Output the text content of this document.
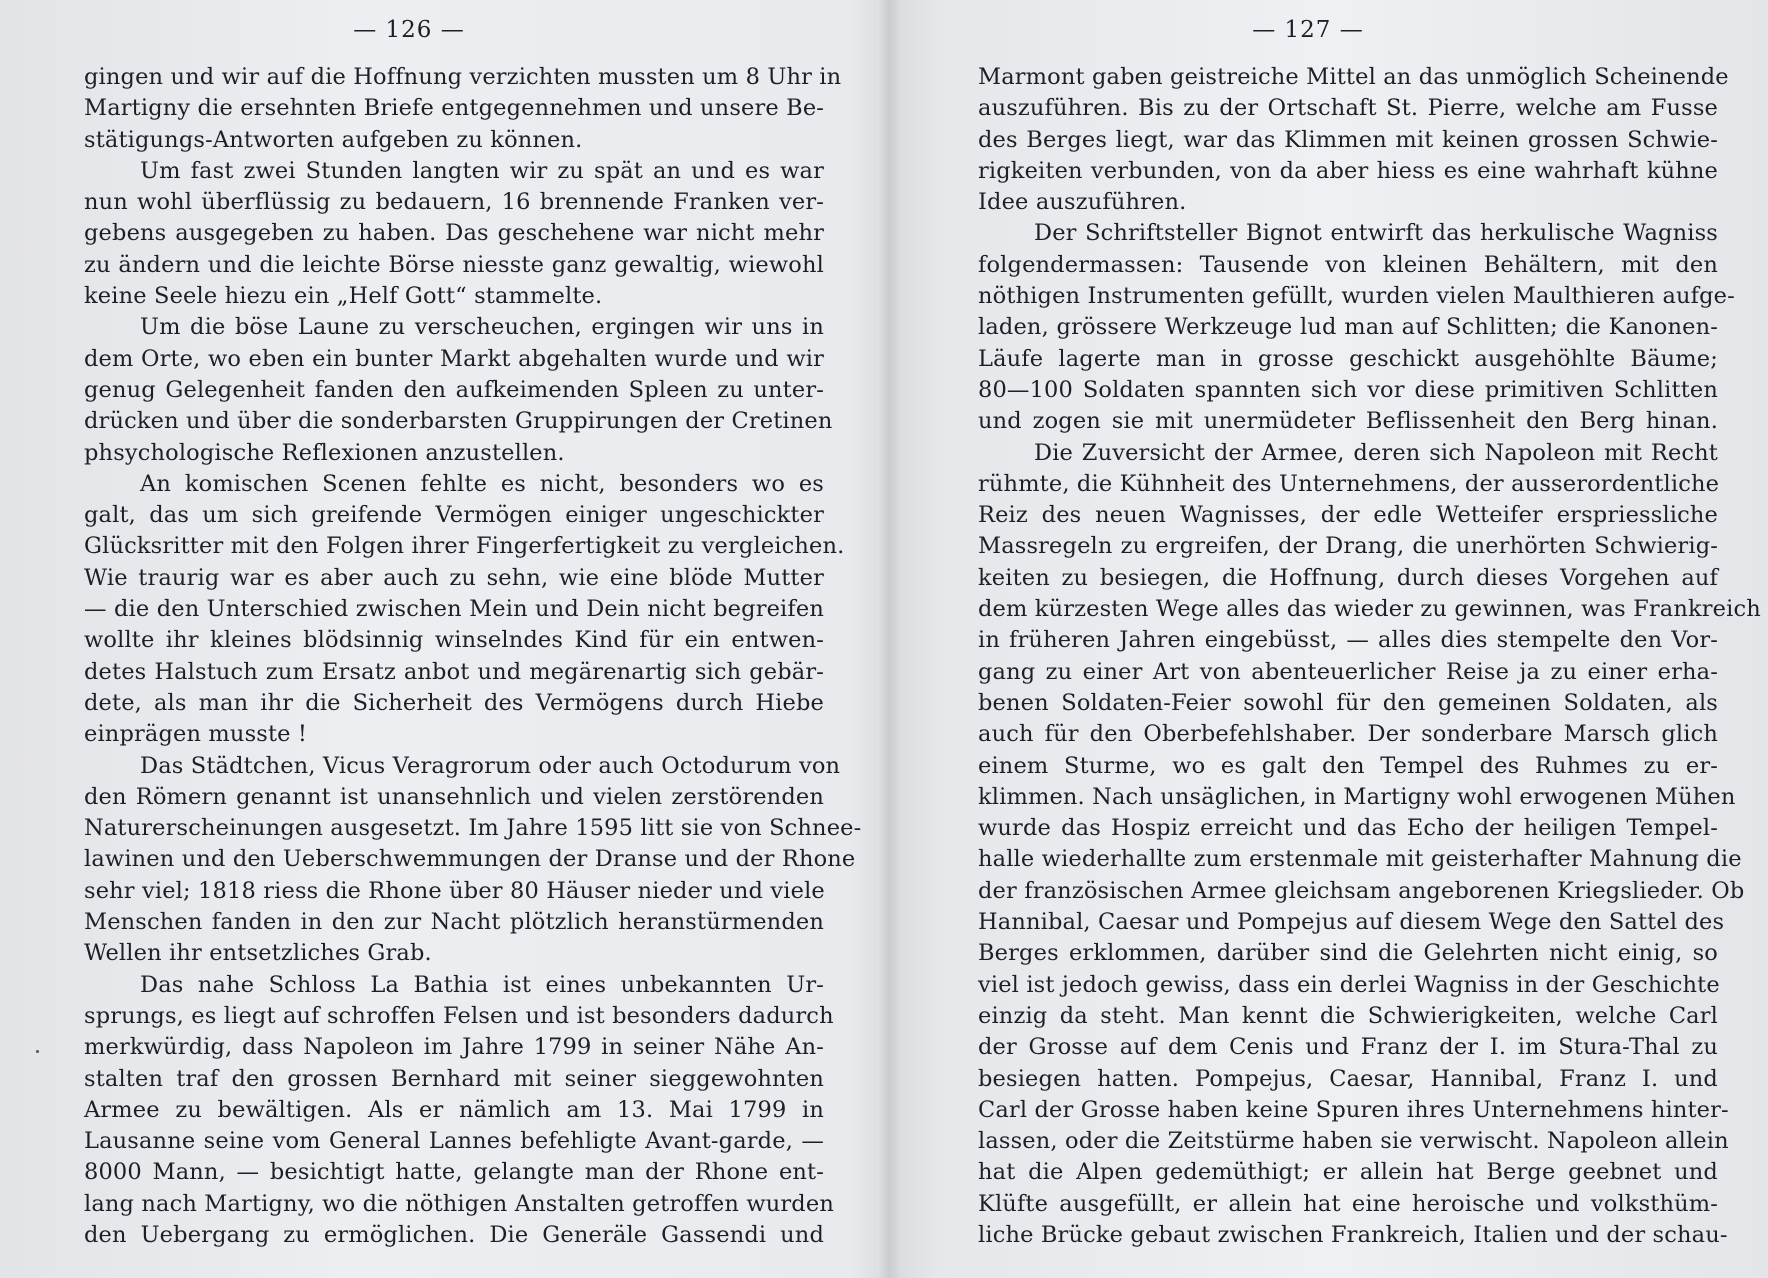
— 126 —
gingen und wir auf die Hoffnung verzichten mussten um 8 Uhr in
Martigny die ersehnten Briefe entgegennehmen und unsere Be-
stätigungs-Antworten aufgeben zu können.
Um fast zwei Stunden langten wir zu spät an und es war
nun wohl überflüssig zu bedauern, 16 brennende Franken ver-
gebens ausgegeben zu haben. Das geschehene war nicht mehr
zu ändern und die leichte Börse niesste ganz gewaltig, wiewohl
keine Seele hiezu ein „Helf Gott“ stammelte.
Um die böse Laune zu verscheuchen, ergingen wir uns in
dem Orte, wo eben ein bunter Markt abgehalten wurde und wir
genug Gelegenheit fanden den aufkeimenden Spleen zu unter-
drücken und über die sonderbarsten Gruppirungen der Cretinen
phsychologische Reflexionen anzustellen.
An komischen Scenen fehlte es nicht, besonders wo es
galt, das um sich greifende Vermögen einiger ungeschickter
Glücksritter mit den Folgen ihrer Fingerfertigkeit zu vergleichen.
Wie traurig war es aber auch zu sehn, wie eine blöde Mutter
— die den Unterschied zwischen Mein und Dein nicht begreifen
wollte ihr kleines blödsinnig winselndes Kind für ein entwen-
detes Halstuch zum Ersatz anbot und megärenartig sich gebär-
dete, als man ihr die Sicherheit des Vermögens durch Hiebe
einprägen musste !
Das Städtchen, Vicus Veragrorum oder auch Octodurum von
den Römern genannt ist unansehnlich und vielen zerstörenden
Naturerscheinungen ausgesetzt. Im Jahre 1595 litt sie von Schnee-
lawinen und den Ueberschwemmungen der Dranse und der Rhone
sehr viel; 1818 riess die Rhone über 80 Häuser nieder und viele
Menschen fanden in den zur Nacht plötzlich heranstürmenden
Wellen ihr entsetzliches Grab.
Das nahe Schloss La Bathia ist eines unbekannten Ur-
sprungs, es liegt auf schroffen Felsen und ist besonders dadurch
merkwürdig, dass Napoleon im Jahre 1799 in seiner Nähe An-
stalten traf den grossen Bernhard mit seiner sieggewohnten
Armee zu bewältigen. Als er nämlich am 13. Mai 1799 in
Lausanne seine vom General Lannes befehligte Avant-garde, —
8000 Mann, — besichtigt hatte, gelangte man der Rhone ent-
lang nach Martigny, wo die nöthigen Anstalten getroffen wurden
den Uebergang zu ermöglichen. Die Generäle Gassendi und
— 127 —
Marmont gaben geistreiche Mittel an das unmöglich Scheinende
auszuführen. Bis zu der Ortschaft St. Pierre, welche am Fusse
des Berges liegt, war das Klimmen mit keinen grossen Schwie-
rigkeiten verbunden, von da aber hiess es eine wahrhaft kühne
Idee auszuführen.
Der Schriftsteller Bignot entwirft das herkulische Wagniss
folgendermassen: Tausende von kleinen Behältern, mit den
nöthigen Instrumenten gefüllt, wurden vielen Maulthieren aufge-
laden, grössere Werkzeuge lud man auf Schlitten; die Kanonen-
Läufe lagerte man in grosse geschickt ausgehöhlte Bäume;
80—100 Soldaten spannten sich vor diese primitiven Schlitten
und zogen sie mit unermüdeter Beflissenheit den Berg hinan.
Die Zuversicht der Armee, deren sich Napoleon mit Recht
rühmte, die Kühnheit des Unternehmens, der ausserordentliche
Reiz des neuen Wagnisses, der edle Wetteifer erspriessliche
Massregeln zu ergreifen, der Drang, die unerhörten Schwierig-
keiten zu besiegen, die Hoffnung, durch dieses Vorgehen auf
dem kürzesten Wege alles das wieder zu gewinnen, was Frankreich
in früheren Jahren eingebüsst, — alles dies stempelte den Vor-
gang zu einer Art von abenteuerlicher Reise ja zu einer erha-
benen Soldaten-Feier sowohl für den gemeinen Soldaten, als
auch für den Oberbefehlshaber. Der sonderbare Marsch glich
einem Sturme, wo es galt den Tempel des Ruhmes zu er-
klimmen. Nach unsäglichen, in Martigny wohl erwogenen Mühen
wurde das Hospiz erreicht und das Echo der heiligen Tempel-
halle wiederhallte zum erstenmale mit geisterhafter Mahnung die
der französischen Armee gleichsam angeborenen Kriegslieder. Ob
Hannibal, Caesar und Pompejus auf diesem Wege den Sattel des
Berges erklommen, darüber sind die Gelehrten nicht einig, so
viel ist jedoch gewiss, dass ein derlei Wagniss in der Geschichte
einzig da steht. Man kennt die Schwierigkeiten, welche Carl
der Grosse auf dem Cenis und Franz der I. im Stura-Thal zu
besiegen hatten. Pompejus, Caesar, Hannibal, Franz I. und
Carl der Grosse haben keine Spuren ihres Unternehmens hinter-
lassen, oder die Zeitstürme haben sie verwischt. Napoleon allein
hat die Alpen gedemüthigt; er allein hat Berge geebnet und
Klüfte ausgefüllt, er allein hat eine heroische und volksthüm-
liche Brücke gebaut zwischen Frankreich, Italien und der schau-
